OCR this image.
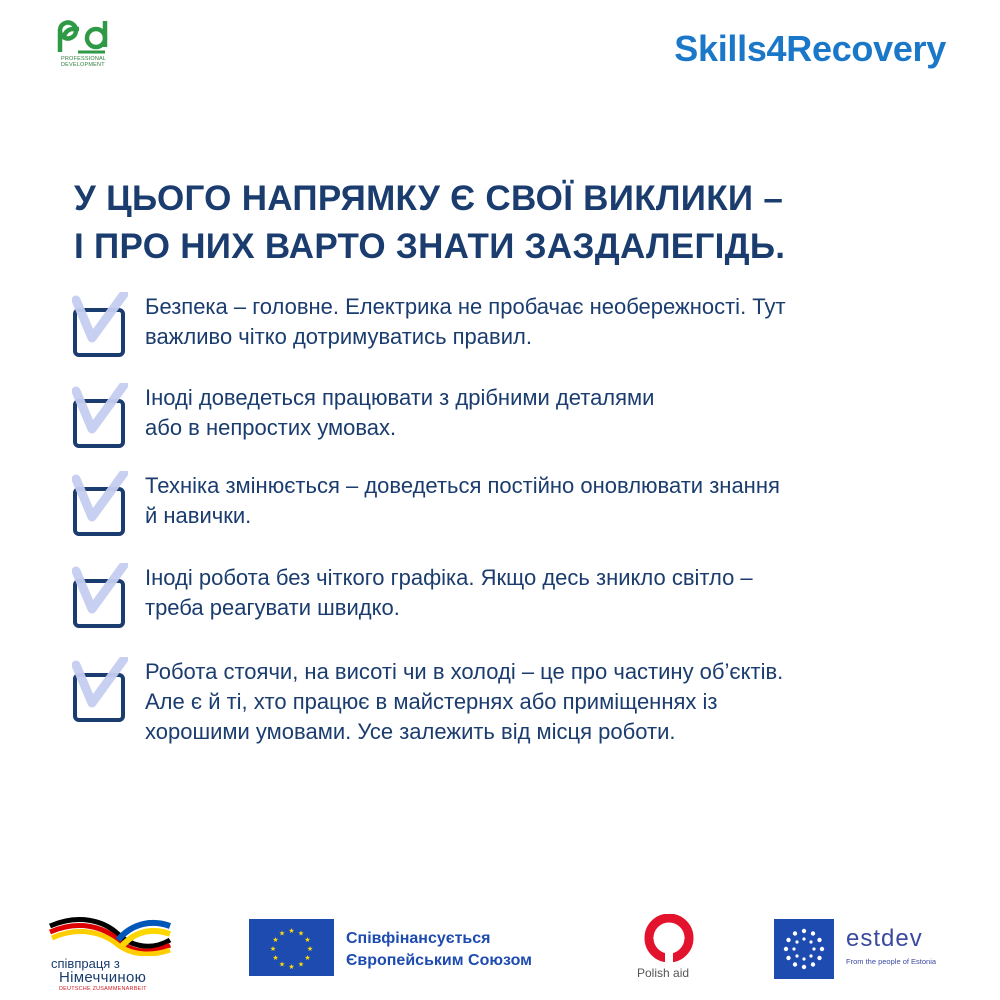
PROFESSIONAL
DEVELOPMENT	Skills4Recovery
У ЦЬОГО НАПРЯМКУ Є СВОЇ ВИКЛИКИ –
І ПРО НИХ ВАРТО ЗНАТИ ЗАЗДАЛЕГІДЬ.
Безпека – головне. Електрика не пробачає необережності. Тут
важливо чітко дотримуватись правил.
Іноді доведеться працювати з дрібними деталями
або в непростих умовах.
Техніка змінюється – доведеться постійно оновлювати знання
й навички.
Іноді робота без чіткого графіка. Якщо десь зникло світло –
треба реагувати швидко.
Робота стоячи, на висоті чи в холоді – це про частину об’єктів.
Але є й ті, хто працює в майстернях або приміщеннях із
хорошими умовами. Усе залежить від місця роботи.
співпраця з
Німеччиною
DEUTSCHE ZUSAMMENARBEIT
★ ★
★
★
★
★
★
★
★
★
★
★	Співфінансується
Європейським Союзом
Polish aid
estdev
From the people of Estonia
